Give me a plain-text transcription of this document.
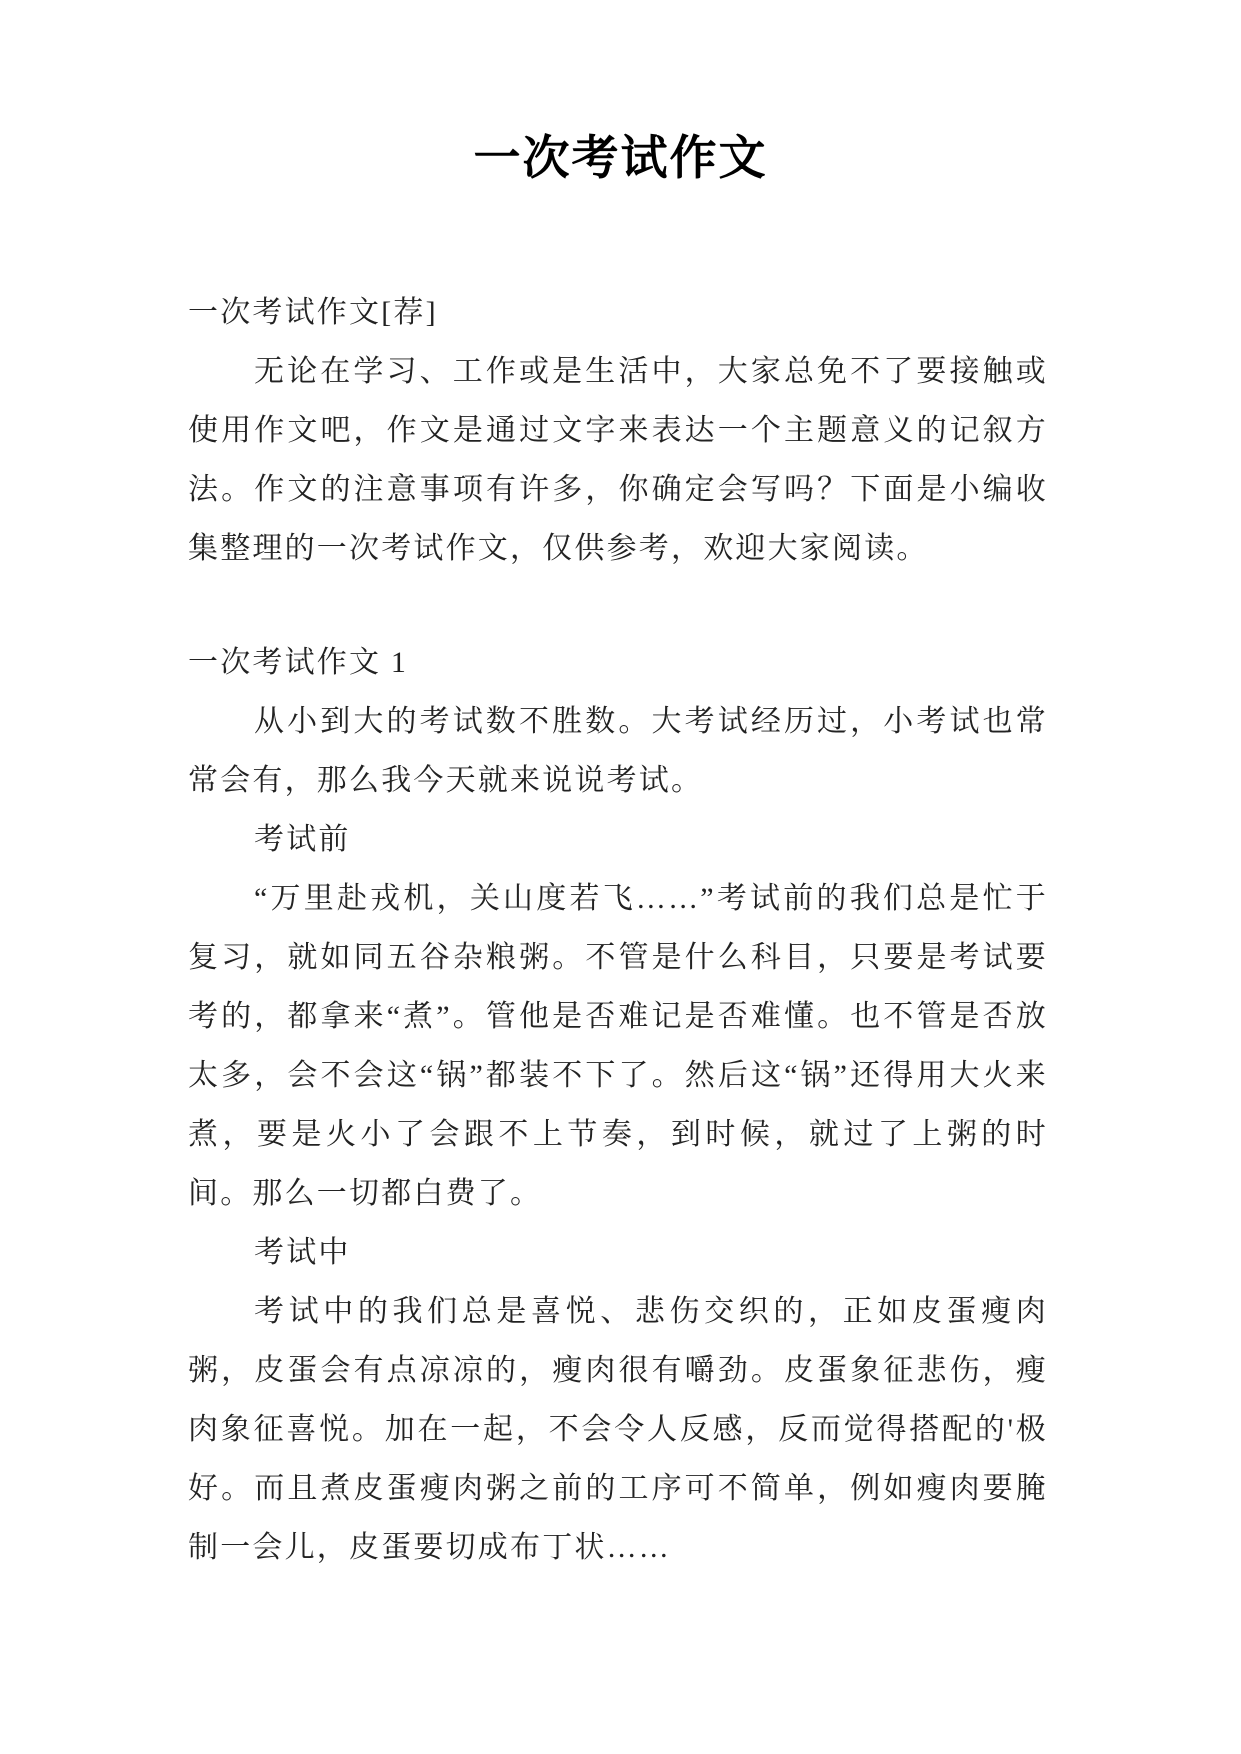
一次考试作文

一次考试作文[荐]

无论在学习、工作或是生活中，大家总免不了要接触或使用作文吧，作文是通过文字来表达一个主题意义的记叙方法。作文的注意事项有许多，你确定会写吗？下面是小编收集整理的一次考试作文，仅供参考，欢迎大家阅读。

一次考试作文 1

从小到大的考试数不胜数。大考试经历过，小考试也常常会有，那么我今天就来说说考试。

考试前

“万里赴戎机，关山度若飞……”考试前的我们总是忙于复习，就如同五谷杂粮粥。不管是什么科目，只要是考试要考的，都拿来“煮”。管他是否难记是否难懂。也不管是否放太多，会不会这“锅”都装不下了。然后这“锅”还得用大火来煮，要是火小了会跟不上节奏，到时候，就过了上粥的时间。那么一切都白费了。

考试中

考试中的我们总是喜悦、悲伤交织的，正如皮蛋瘦肉粥，皮蛋会有点凉凉的，瘦肉很有嚼劲。皮蛋象征悲伤，瘦肉象征喜悦。加在一起，不会令人反感，反而觉得搭配的'极好。而且煮皮蛋瘦肉粥之前的工序可不简单，例如瘦肉要腌制一会儿，皮蛋要切成布丁状……
